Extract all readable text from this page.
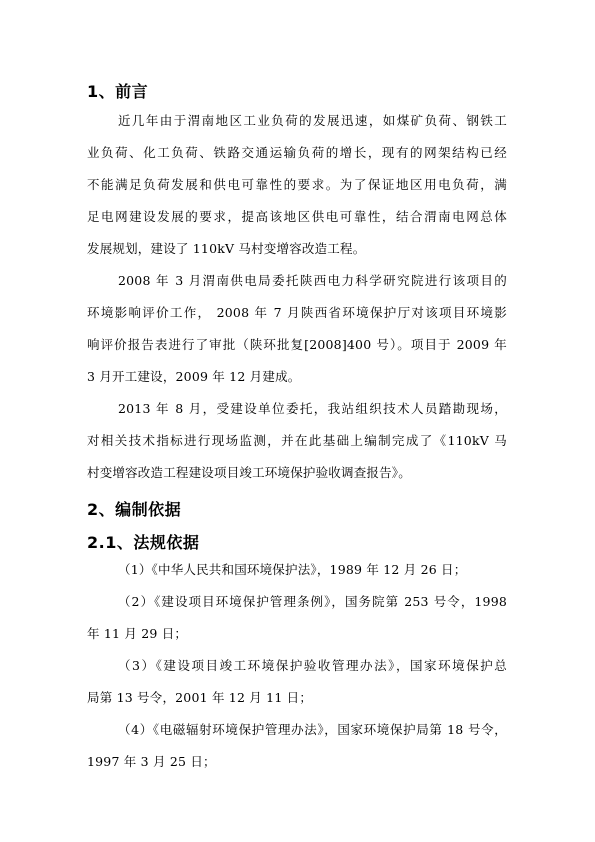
1、前言
近几年由于渭南地区工业负荷的发展迅速，如煤矿负荷、钢铁工
业负荷、化工负荷、铁路交通运输负荷的增长，现有的网架结构已经
不能满足负荷发展和供电可靠性的要求。为了保证地区用电负荷，满
足电网建设发展的要求，提高该地区供电可靠性，结合渭南电网总体
发展规划，建设了 110kV 马村变增容改造工程。
2008 年 3 月渭南供电局委托陕西电力科学研究院进行该项目的
环境影响评价工作， 2008 年 7 月陕西省环境保护厅对该项目环境影
响评价报告表进行了审批（陕环批复[2008]400 号）。项目于 2009 年
3 月开工建设，2009 年 12 月建成。
2013 年 8 月，受建设单位委托，我站组织技术人员踏勘现场，
对相关技术指标进行现场监测，并在此基础上编制完成了《110kV 马
村变增容改造工程建设项目竣工环境保护验收调查报告》。
2、编制依据
2.1、法规依据
（1）《中华人民共和国环境保护法》，1989 年 12 月 26 日；
（2）《建设项目环境保护管理条例》，国务院第 253 号令，1998
年 11 月 29 日；
（3）《建设项目竣工环境保护验收管理办法》，国家环境保护总
局第 13 号令，2001 年 12 月 11 日；
（4）《电磁辐射环境保护管理办法》，国家环境保护局第 18 号令，
1997 年 3 月 25 日；
